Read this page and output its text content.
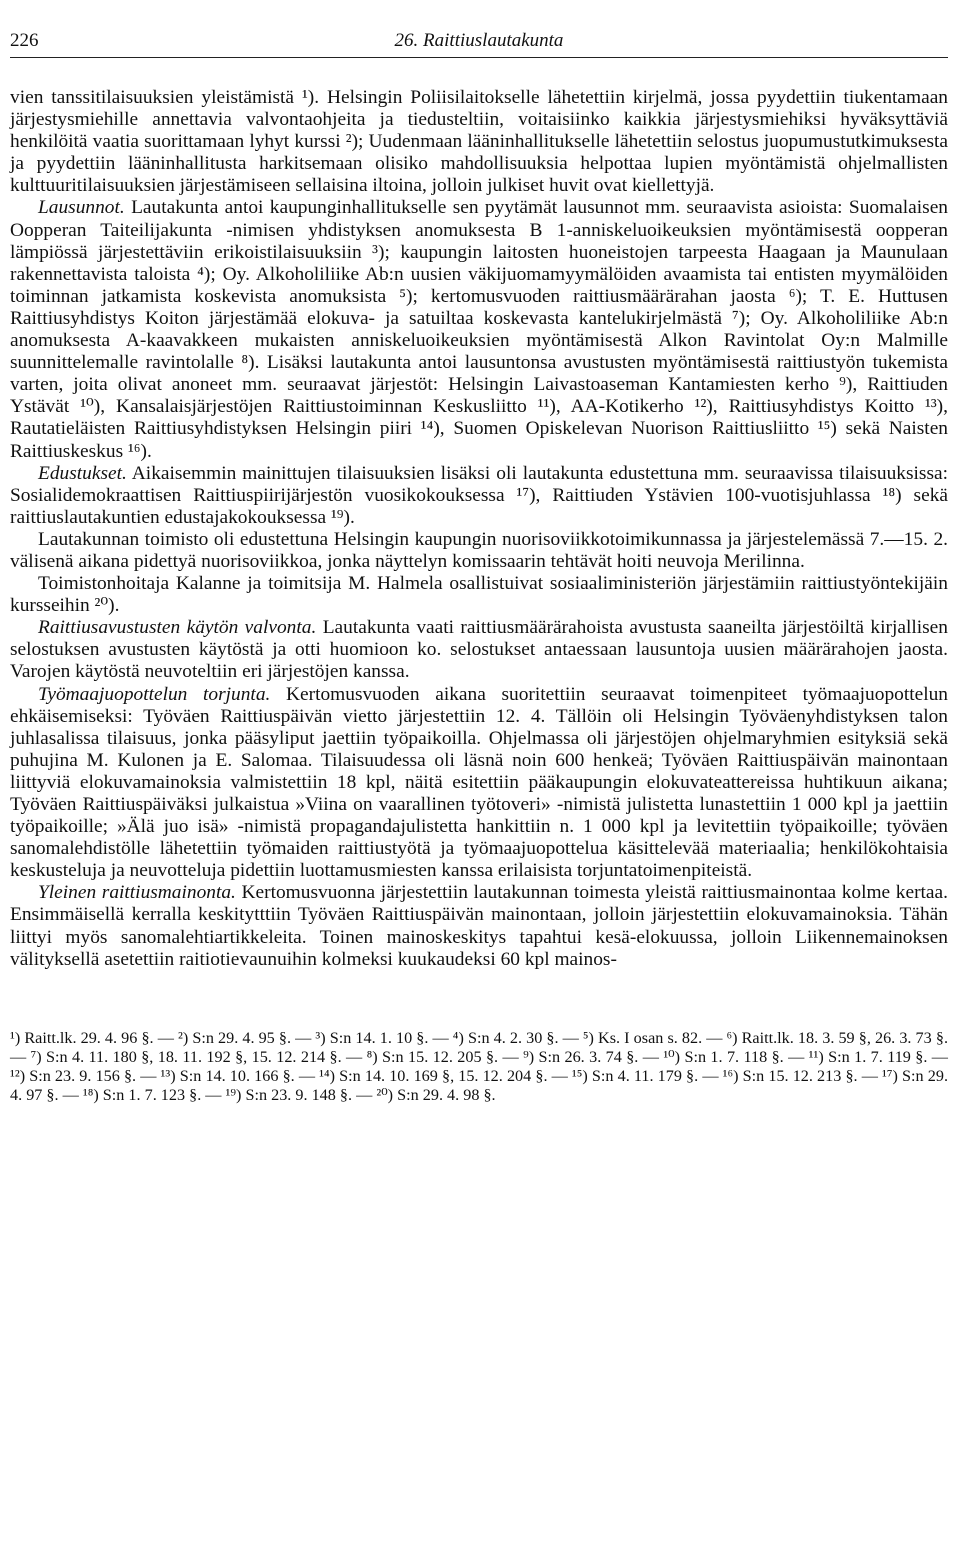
226	26. Raittiuslautakunta

vien tanssitilaisuuksien yleistämistä ¹). Helsingin Poliisilaitokselle lähetettiin kirjelmä, jossa pyydettiin tiukentamaan järjestysmiehille annettavia valvontaohjeita ja tiedusteltiin, voitaisiinko kaikkia järjestysmiehiksi hyväksyttäviä henkilöitä vaatia suorittamaan lyhyt kurssi ²); Uudenmaan lääninhallitukselle lähetettiin selostus juopumustutkimuksesta ja pyydettiin lääninhallitusta harkitsemaan olisiko mahdollisuuksia helpottaa lupien myöntämistä ohjelmallisten kulttuuritilaisuuksien järjestämiseen sellaisina iltoina, jolloin julkiset huvit ovat kiellettyjä.

Lausunnot. Lautakunta antoi kaupunginhallitukselle sen pyytämät lausunnot mm. seuraavista asioista: Suomalaisen Oopperan Taiteilijakunta -nimisen yhdistyksen anomuksesta B 1-anniskeluoikeuksien myöntämisestä oopperan lämpiössä järjestettäviin erikoistilaisuuksiin ³); kaupungin laitosten huoneistojen tarpeesta Haagaan ja Maunulaan rakennettavista taloista ⁴); Oy. Alkoholiliike Ab:n uusien väkijuomamyymälöiden avaamista tai entisten myymälöiden toiminnan jatkamista koskevista anomuksista ⁵); kertomusvuoden raittiusmäärärahan jaosta ⁶); T. E. Huttusen Raittiusyhdistys Koiton järjestämää elokuva- ja satuiltaa koskevasta kantelukirjelmästä ⁷); Oy. Alkoholiliike Ab:n anomuksesta A-kaavakkeen mukaisten anniskeluoikeuksien myöntämisestä Alkon Ravintolat Oy:n Malmille suunnittelemalle ravintolalle ⁸). Lisäksi lautakunta antoi lausuntonsa avustusten myöntämisestä raittiustyön tukemista varten, joita olivat anoneet mm. seuraavat järjestöt: Helsingin Laivastoaseman Kantamiesten kerho ⁹), Raittiuden Ystävät ¹⁰), Kansalaisjärjestöjen Raittiustoiminnan Keskusliitto ¹¹), AA-Kotikerho ¹²), Raittiusyhdistys Koitto ¹³), Rautatieläisten Raittiusyhdistyksen Helsingin piiri ¹⁴), Suomen Opiskelevan Nuorison Raittiusliitto ¹⁵) sekä Naisten Raittiuskeskus ¹⁶).

Edustukset. Aikaisemmin mainittujen tilaisuuksien lisäksi oli lautakunta edustettuna mm. seuraavissa tilaisuuksissa: Sosialidemokraattisen Raittiuspiirijärjestön vuosikokouksessa ¹⁷), Raittiuden Ystävien 100-vuotisjuhlassa ¹⁸) sekä raittiuslautakuntien edustajakokouksessa ¹⁹).

Lautakunnan toimisto oli edustettuna Helsingin kaupungin nuorisoviikkotoimikunnassa ja järjestelemässä 7.—15. 2. välisenä aikana pidettyä nuorisoviikkoa, jonka näyttelyn komissaarin tehtävät hoiti neuvoja Merilinna.

Toimistonhoitaja Kalanne ja toimitsija M. Halmela osallistuivat sosiaaliministeriön järjestämiin raittiustyöntekijäin kursseihin ²⁰).

Raittiusavustusten käytön valvonta. Lautakunta vaati raittiusmäärärahoista avustusta saaneilta järjestöiltä kirjallisen selostuksen avustusten käytöstä ja otti huomioon ko. selostukset antaessaan lausuntoja uusien määrärahojen jaosta. Varojen käytöstä neuvoteltiin eri järjestöjen kanssa.

Työmaajuopottelun torjunta. Kertomusvuoden aikana suoritettiin seuraavat toimenpiteet työmaajuopottelun ehkäisemiseksi: Työväen Raittiuspäivän vietto järjestettiin 12. 4. Tällöin oli Helsingin Työväenyhdistyksen talon juhlasalissa tilaisuus, jonka pääsyliput jaettiin työpaikoilla. Ohjelmassa oli järjestöjen ohjelmaryhmien esityksiä sekä puhujina M. Kulonen ja E. Salomaa. Tilaisuudessa oli läsnä noin 600 henkeä; Työväen Raittiuspäivän mainontaan liittyviä elokuvamainoksia valmistettiin 18 kpl, näitä esitettiin pääkaupungin elokuvateattereissa huhtikuun aikana; Työväen Raittiuspäiväksi julkaistua »Viina on vaarallinen työtoveri» -nimistä julistetta lunastettiin 1 000 kpl ja jaettiin työpaikoille; »Älä juo isä» -nimistä propagandajulistetta hankittiin n. 1 000 kpl ja levitettiin työpaikoille; työväen sanomalehdistölle lähetettiin työmaiden raittiustyötä ja työmaajuopottelua käsittelevää materiaalia; henkilökohtaisia keskusteluja ja neuvotteluja pidettiin luottamusmiesten kanssa erilaisista torjuntatoimenpiteistä.

Yleinen raittiusmainonta. Kertomusvuonna järjestettiin lautakunnan toimesta yleistä raittiusmainontaa kolme kertaa. Ensimmäisellä kerralla keskitytttiin Työväen Raittiuspäivän mainontaan, jolloin järjestettiin elokuvamainoksia. Tähän liittyi myös sanomalehtiartikkeleita. Toinen mainoskeskitys tapahtui kesä-elokuussa, jolloin Liikennemainoksen välityksellä asetettiin raitiotievaunuihin kolmeksi kuukaudeksi 60 kpl mainos-

¹) Raitt.lk. 29. 4. 96 §. — ²) S:n 29. 4. 95 §. — ³) S:n 14. 1. 10 §. — ⁴) S:n 4. 2. 30 §. — ⁵) Ks. I osan s. 82. — ⁶) Raitt.lk. 18. 3. 59 §, 26. 3. 73 §. — ⁷) S:n 4. 11. 180 §, 18. 11. 192 §, 15. 12. 214 §. — ⁸) S:n 15. 12. 205 §. — ⁹) S:n 26. 3. 74 §. — ¹⁰) S:n 1. 7. 118 §. — ¹¹) S:n 1. 7. 119 §. — ¹²) S:n 23. 9. 156 §. — ¹³) S:n 14. 10. 166 §. — ¹⁴) S:n 14. 10. 169 §, 15. 12. 204 §. — ¹⁵) S:n 4. 11. 179 §. — ¹⁶) S:n 15. 12. 213 §. — ¹⁷) S:n 29. 4. 97 §. — ¹⁸) S:n 1. 7. 123 §. — ¹⁹) S:n 23. 9. 148 §. — ²⁰) S:n 29. 4. 98 §.
